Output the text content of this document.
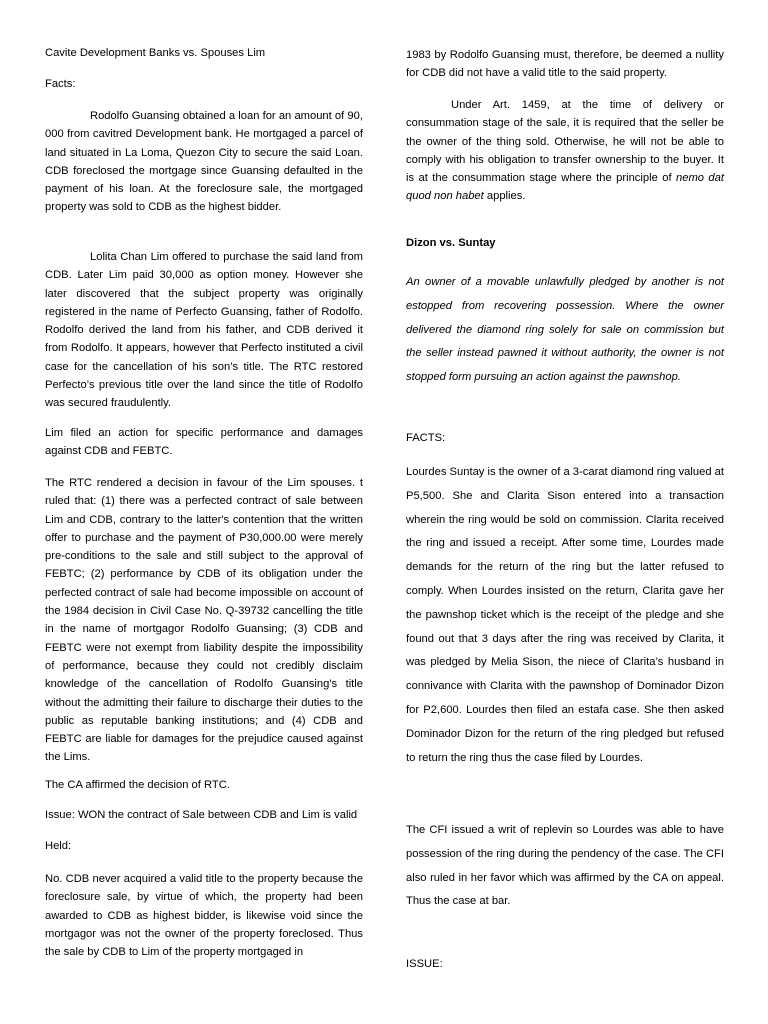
Cavite Development Banks vs. Spouses Lim

Facts:

Rodolfo Guansing obtained a loan for an amount of 90, 000 from cavitred Development bank. He mortgaged a parcel of land situated in La Loma, Quezon City to secure the said Loan. CDB foreclosed the mortgage since Guansing defaulted in the payment of his loan. At the foreclosure sale, the mortgaged property was sold to CDB as the highest bidder.

Lolita Chan Lim offered to purchase the said land from CDB. Later Lim paid 30,000 as option money. However she later discovered that the subject property was originally registered in the name of Perfecto Guansing, father of Rodolfo. Rodolfo derived the land from his father, and CDB derived it from Rodolfo. It appears, however that Perfecto instituted a civil case for the cancellation of his son’s title. The RTC restored Perfecto’s previous title over the land since the title of Rodolfo was secured fraudulently.

Lim filed an action for specific performance and damages against CDB and FEBTC.

The RTC rendered a decision in favour of the Lim spouses. t ruled that: (1) there was a perfected contract of sale between Lim and CDB, contrary to the latter's contention that the written offer to purchase and the payment of P30,000.00 were merely pre-conditions to the sale and still subject to the approval of FEBTC; (2) performance by CDB of its obligation under the perfected contract of sale had become impossible on account of the 1984 decision in Civil Case No. Q-39732 cancelling the title in the name of mortgagor Rodolfo Guansing; (3) CDB and FEBTC were not exempt from liability despite the impossibility of performance, because they could not credibly disclaim knowledge of the cancellation of Rodolfo Guansing's title without the admitting their failure to discharge their duties to the public as reputable banking institutions; and (4) CDB and FEBTC are liable for damages for the prejudice caused against the Lims.

The CA affirmed the decision of RTC.

Issue: WON the contract of Sale between CDB and Lim is valid

Held:

No. CDB never acquired a valid title to the property because the foreclosure sale, by virtue of which, the property had been awarded to CDB as highest bidder, is likewise void since the mortgagor was not the owner of the property foreclosed. Thus the sale by CDB to Lim of the property mortgaged in

1983 by Rodolfo Guansing must, therefore, be deemed a nullity for CDB did not have a valid title to the said property.

Under Art. 1459, at the time of delivery or consummation stage of the sale, it is required that the seller be the owner of the thing sold. Otherwise, he will not be able to comply with his obligation to transfer ownership to the buyer. It is at the consummation stage where the principle of nemo dat quod non habet applies.

Dizon vs. Suntay

An owner of a movable unlawfully pledged by another is not estopped from recovering possession. Where the owner delivered the diamond ring solely for sale on commission but the seller instead pawned it without authority, the owner is not stopped form pursuing an action against the pawnshop.

FACTS:

Lourdes Suntay is the owner of a 3-carat diamond ring valued at P5,500. She and Clarita Sison entered into a transaction wherein the ring would be sold on commission. Clarita received the ring and issued a receipt. After some time, Lourdes made demands for the return of the ring but the latter refused to comply. When Lourdes insisted on the return, Clarita gave her the pawnshop ticket which is the receipt of the pledge and she found out that 3 days after the ring was received by Clarita, it was pledged by Melia Sison, the niece of Clarita’s husband in connivance with Clarita with the pawnshop of Dominador Dizon for P2,600. Lourdes then filed an estafa case. She then asked Dominador Dizon for the return of the ring pledged but refused to return the ring thus the case filed by Lourdes.

The CFI issued a writ of replevin so Lourdes was able to have possession of the ring during the pendency of the case. The CFI also ruled in her favor which was affirmed by the CA on appeal. Thus the case at bar.

ISSUE:
